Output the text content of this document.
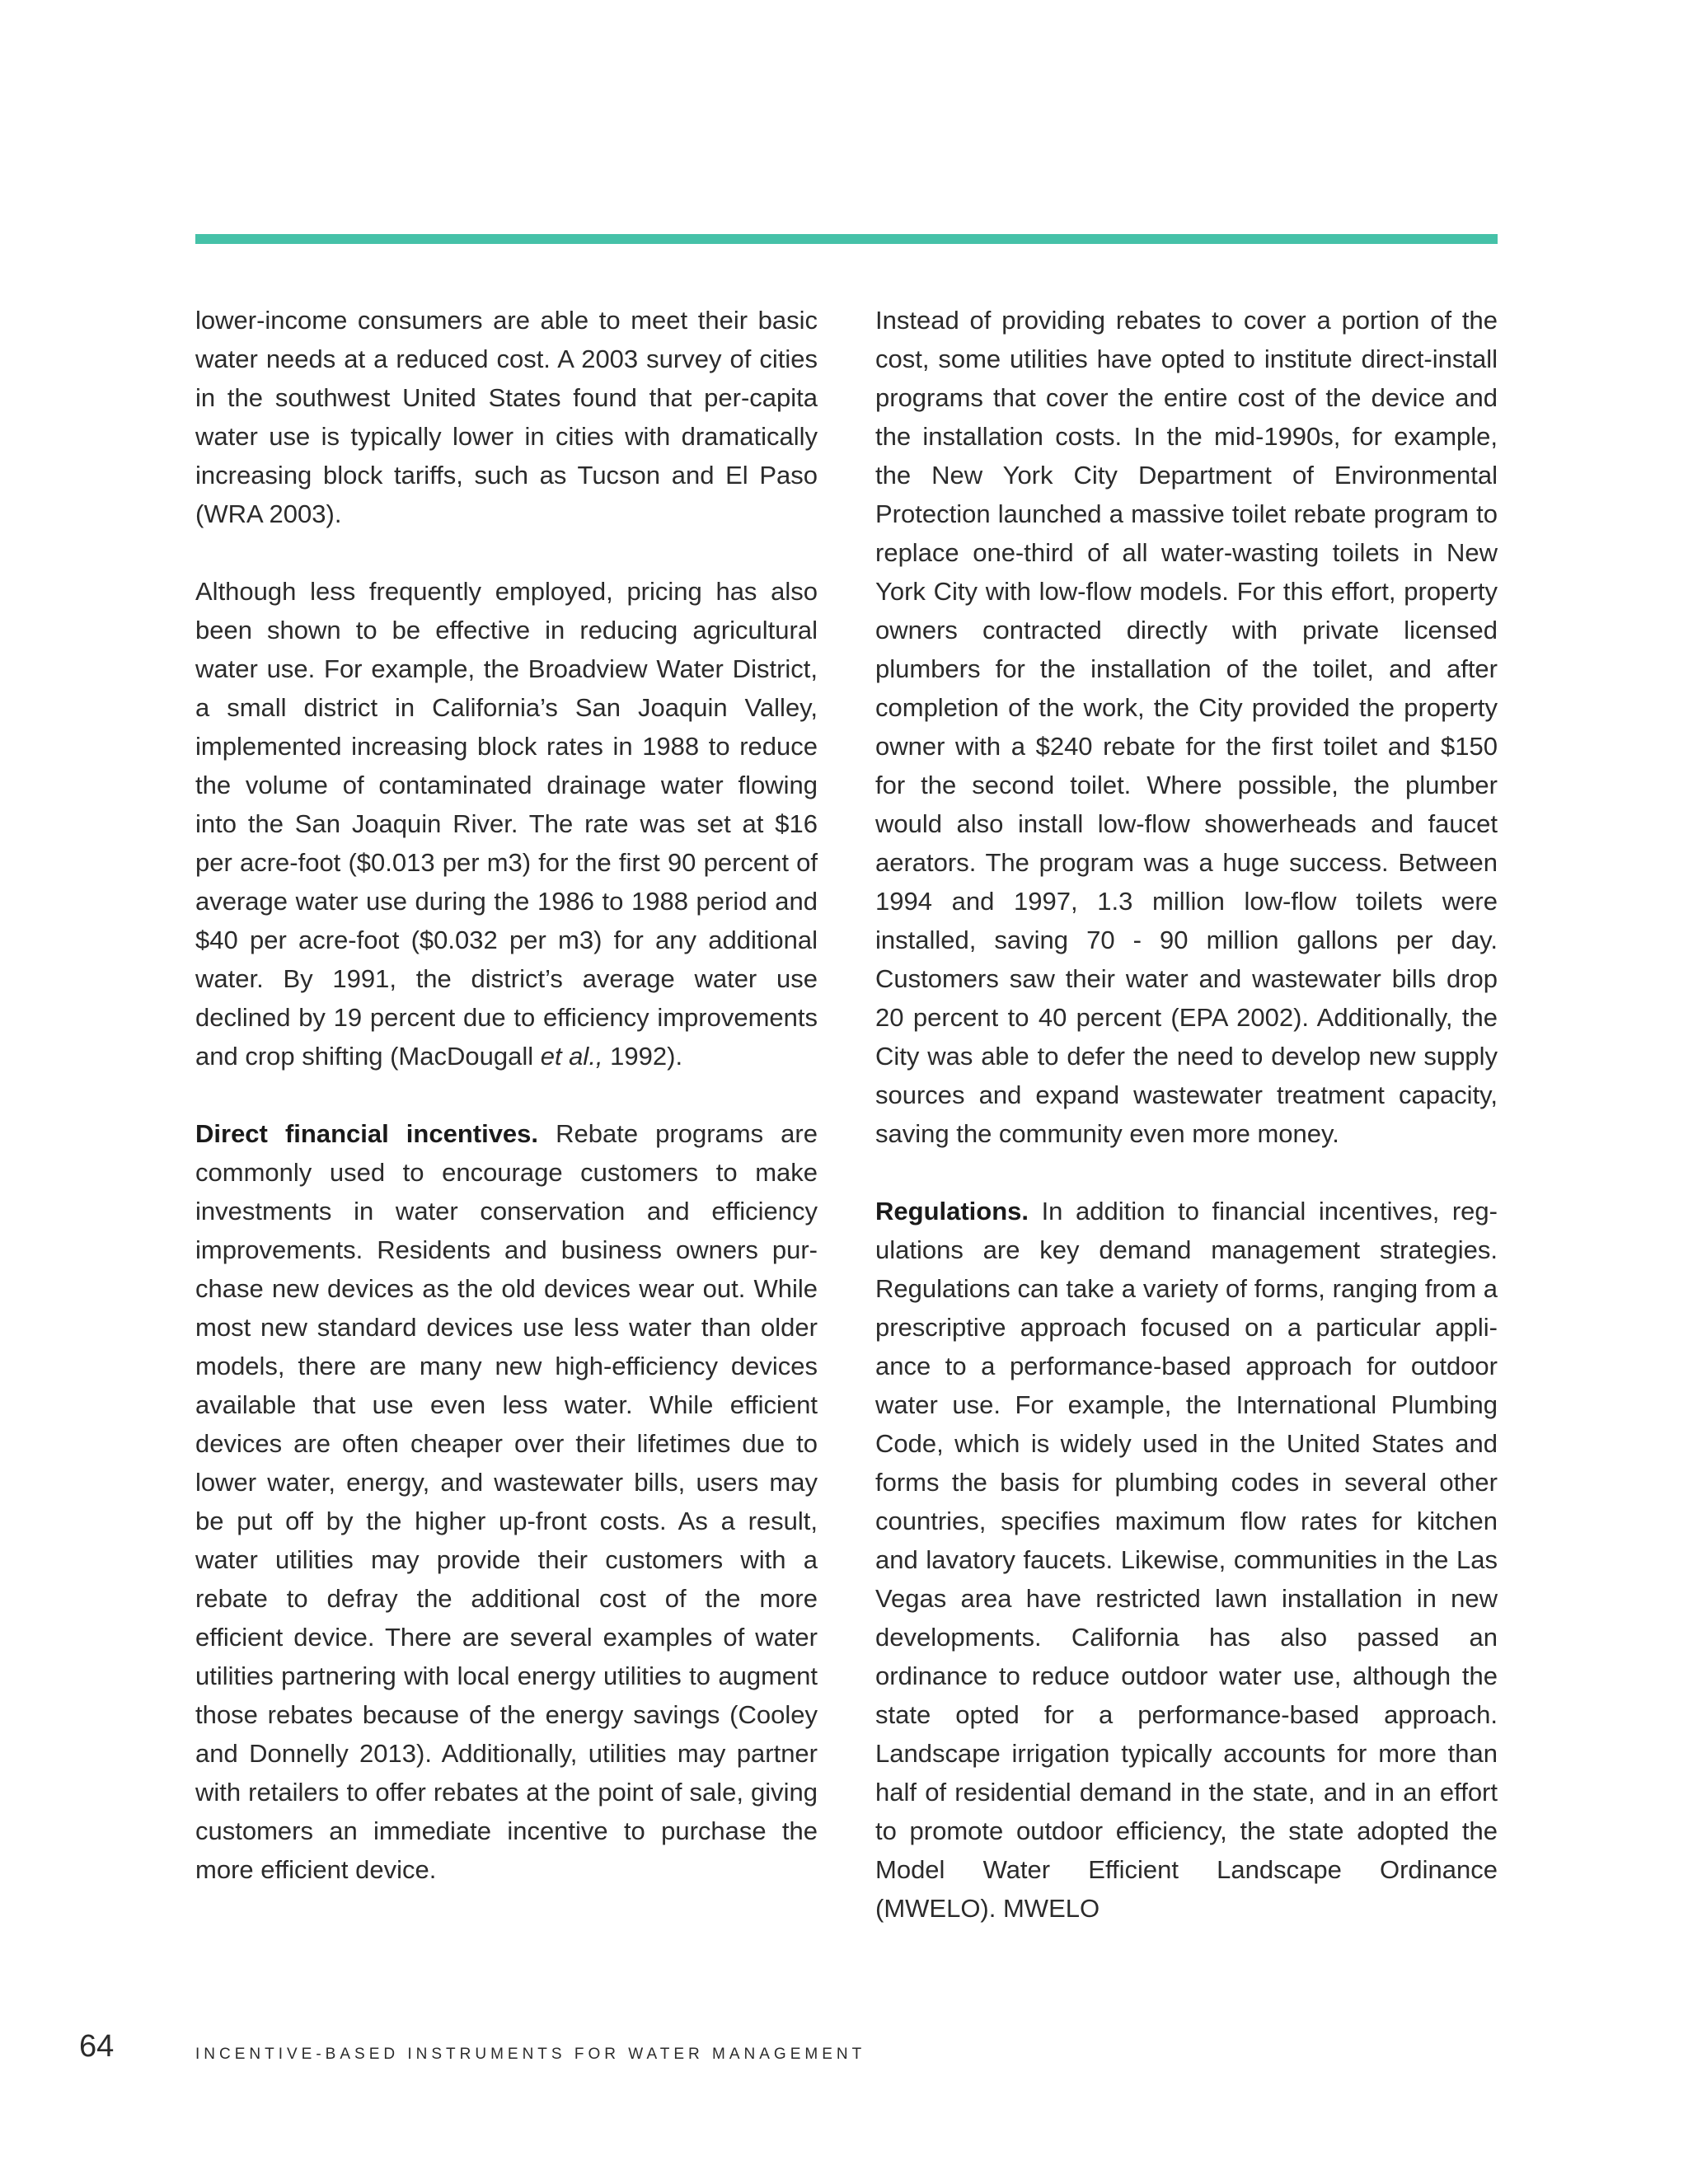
lower-income consumers are able to meet their basic water needs at a reduced cost. A 2003 survey of cities in the southwest United States found that per-capita water use is typically lower in cities with dramatically increasing block tariffs, such as Tucson and El Paso (WRA 2003).

Although less frequently employed, pricing has also been shown to be effective in reducing agricultural water use. For example, the Broadview Water District, a small district in California’s San Joaquin Valley, implemented increasing block rates in 1988 to reduce the volume of contaminated drainage water flowing into the San Joaquin River. The rate was set at $16 per acre-foot ($0.013 per m3) for the first 90 percent of average water use during the 1986 to 1988 period and $40 per acre-foot ($0.032 per m3) for any additional water. By 1991, the district’s average water use declined by 19 percent due to efficiency improvements and crop shifting (MacDougall et al., 1992).

Direct financial incentives. Rebate programs are commonly used to encourage customers to make investments in water conservation and efficiency improvements. Residents and business owners purchase new devices as the old devices wear out. While most new standard devices use less water than older models, there are many new high-efficiency devices available that use even less water. While efficient devices are often cheaper over their lifetimes due to lower water, energy, and wastewater bills, users may be put off by the higher up-front costs. As a result, water utilities may provide their customers with a rebate to defray the additional cost of the more efficient device. There are several examples of water utilities partnering with local energy utilities to augment those rebates because of the energy savings (Cooley and Donnelly 2013). Additionally, utilities may partner with retailers to offer rebates at the point of sale, giving customers an immediate incentive to purchase the more efficient device.

Instead of providing rebates to cover a portion of the cost, some utilities have opted to institute direct-install programs that cover the entire cost of the device and the installation costs. In the mid-1990s, for example, the New York City Department of Environmental Protection launched a massive toilet rebate program to replace one-third of all water-wasting toilets in New York City with low-flow models. For this effort, property owners contracted directly with private licensed plumbers for the installation of the toilet, and after completion of the work, the City provided the property owner with a $240 rebate for the first toilet and $150 for the second toilet. Where possible, the plumber would also install low-flow showerheads and faucet aerators. The program was a huge success. Between 1994 and 1997, 1.3 million low-flow toilets were installed, saving 70 - 90 million gallons per day. Customers saw their water and wastewater bills drop 20 percent to 40 percent (EPA 2002). Additionally, the City was able to defer the need to develop new supply sources and expand wastewater treatment capacity, saving the community even more money.

Regulations. In addition to financial incentives, regulations are key demand management strategies. Regulations can take a variety of forms, ranging from a prescriptive approach focused on a particular appliance to a performance-based approach for outdoor water use. For example, the International Plumbing Code, which is widely used in the United States and forms the basis for plumbing codes in several other countries, specifies maximum flow rates for kitchen and lavatory faucets. Likewise, communities in the Las Vegas area have restricted lawn installation in new developments. California has also passed an ordinance to reduce outdoor water use, although the state opted for a performance-based approach. Landscape irrigation typically accounts for more than half of residential demand in the state, and in an effort to promote outdoor efficiency, the state adopted the Model Water Efficient Landscape Ordinance (MWELO). MWELO

64	INCENTIVE-BASED INSTRUMENTS FOR WATER MANAGEMENT
